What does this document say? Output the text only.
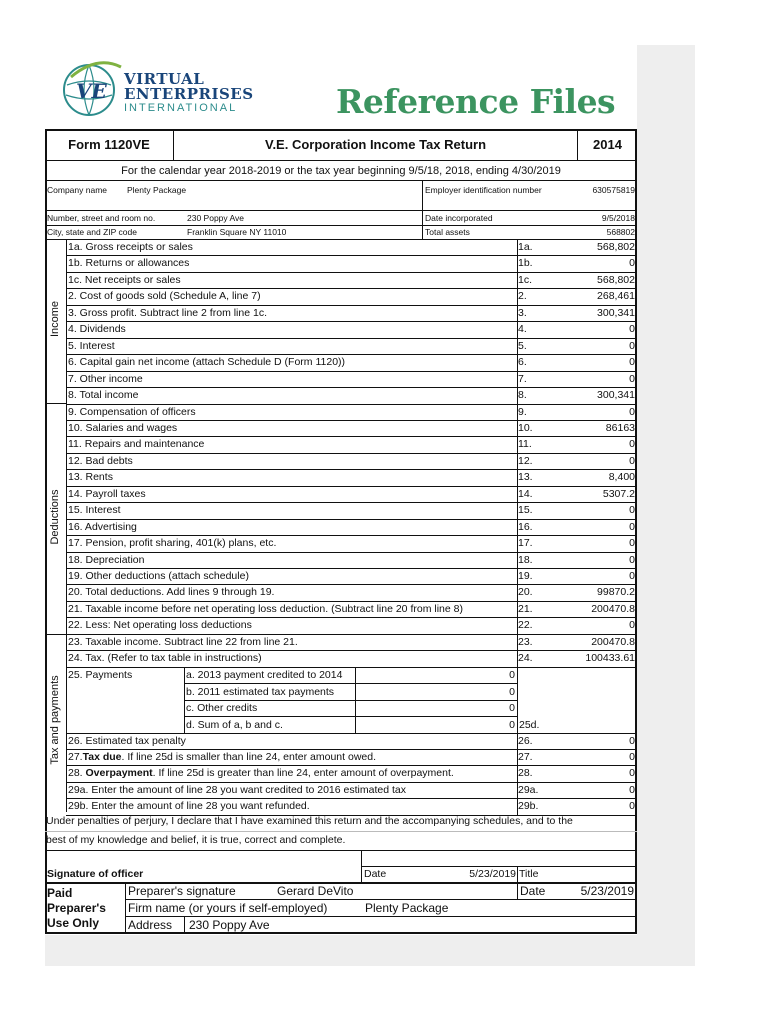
VE VIRTUAL
ENTERPRISES
INTERNATIONAL	Reference Files
Form 1120VE	V.E. Corporation Income Tax Return	2014
For the calendar year 2018-2019 or the tax year beginning 9/5/18, 2018, ending 4/30/2019
Company name Plenty Package	Employer identification number	630575819
Number, street and room no.	230 Poppy Ave	Date incorporated	9/5/2018
City, state and ZIP code	Franklin Square NY 11010	Total assets	568802
Income
Deductions
Tax and payments
1a. Gross receipts or sales	1a.	568,802
1b. Returns or allowances	1b.	0
1c. Net receipts or sales	1c.	568,802
2. Cost of goods sold (Schedule A, line 7)	2.	268,461
3. Gross profit. Subtract line 2 from line 1c.	3.	300,341
4. Dividends	4.	0
5. Interest	5.	0
6. Capital gain net income (attach Schedule D (Form 1120))	6.	0
7. Other income	7.	0
8. Total income	8.	300,341
9. Compensation of officers	9.	0
10. Salaries and wages	10.	86163
11. Repairs and maintenance	11.	0
12. Bad debts	12.	0
13. Rents	13.	8,400
14. Payroll taxes	14.	5307.2
15. Interest	15.	0
16. Advertising	16.	0
17. Pension, profit sharing, 401(k) plans, etc.	17.	0
18. Depreciation	18.	0
19. Other deductions (attach schedule)	19.	0
20. Total deductions. Add lines 9 through 19.	20.	99870.2
21. Taxable income before net operating loss deduction. (Subtract line 20 from line 8)	21.	200470.8
22. Less: Net operating loss deductions	22.	0
23. Taxable income. Subtract line 22 from line 21.	23.	200470.8
24. Tax. (Refer to tax table in instructions)	24.	100433.61
26. Estimated tax penalty	26.	0
27.Tax due. If line 25d is smaller than line 24, enter amount owed.	27.	0
28. Overpayment. If line 25d is greater than line 24, enter amount of overpayment.	28.	0
29a. Enter the amount of line 28 you want credited to 2016 estimated tax	29a.	0
29b. Enter the amount of line 28 you want refunded.	29b.	0
25. Payments	a. 2013 payment credited to 2014	0
b. 2011 estimated tax payments	0
c. Other credits	0
d. Sum of a, b and c.	0 25d.
Under penalties of perjury, I declare that I have examined this return and the accompanying schedules, and to the
best of my knowledge and belief, it is true, correct and complete.
Signature of officer	Date	5/23/2019 Title
Paid
Preparer's
Use Only
Preparer's signature	Gerard DeVito	Date	5/23/2019
Firm name (or yours if self-employed)	Plenty Package
Address 230 Poppy Ave
